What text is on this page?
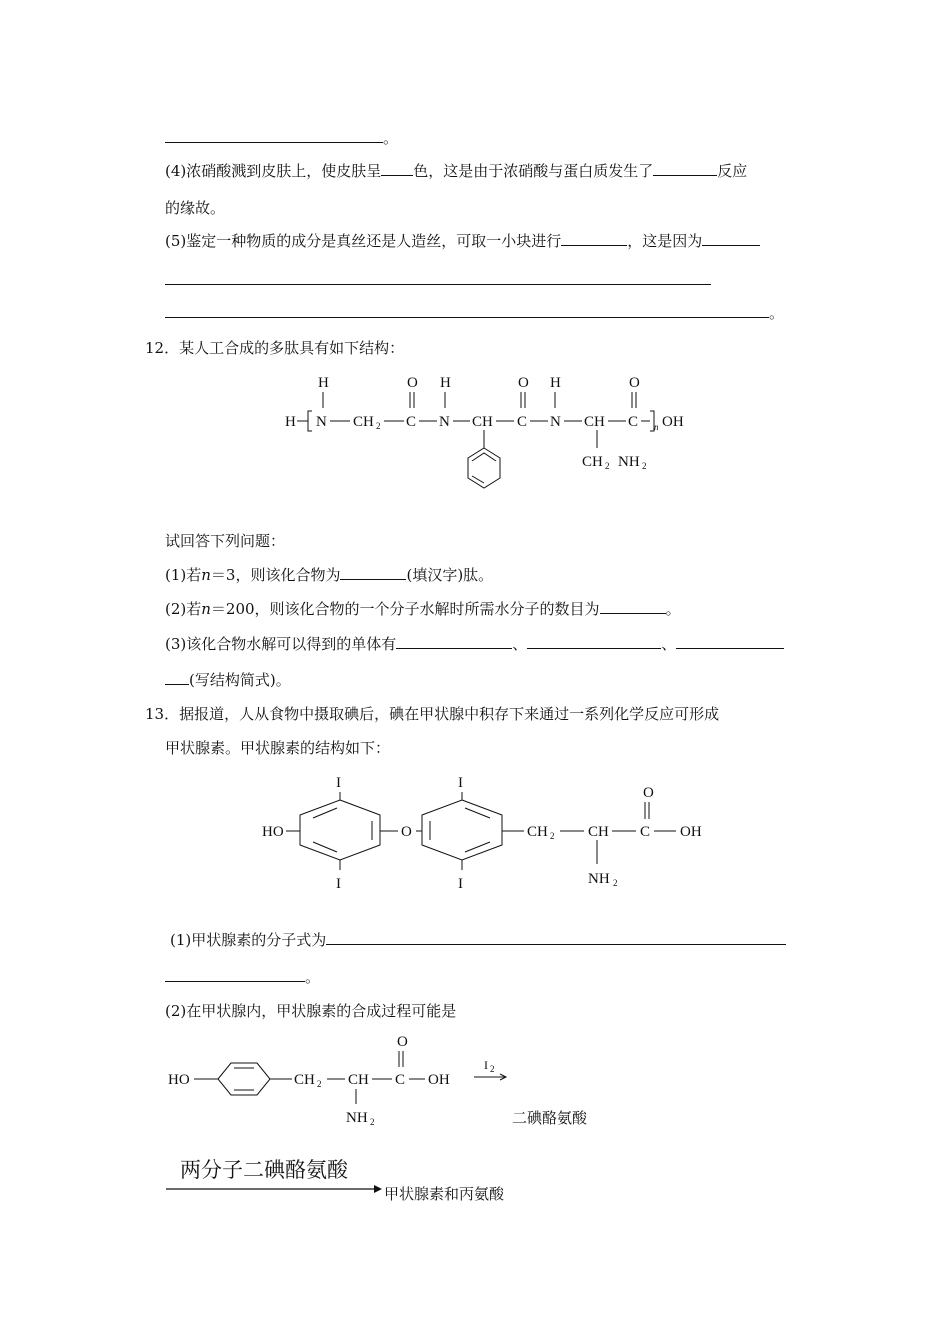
。
(4)浓硝酸溅到皮肤上，使皮肤呈 色，这是由于浓硝酸与蛋白质发生了	反应
的缘故。
(5)鉴定一种物质的成分是真丝还是人造丝，可取一小块进行	，这是因为
。
12．某人工合成的多肽具有如下结构：
H	O H	O H	O
H N CH 2 C N CH C N CH C n OH
CH 2 NH 2
试回答下列问题：
(1)若n＝3，则该化合物为	(填汉字)肽。
(2)若n＝200，则该化合物的一个分子水解时所需水分子的数目为	。
(3)该化合物水解可以得到的单体有	、	、
(写结构简式)。
13．据报道，人从食物中摄取碘后，碘在甲状腺中积存下来通过一系列化学反应可形成
甲状腺素。甲状腺素的结构如下：
I
I
I
I
HO	O	CH 2 CH C OH
O
NH 2
(1)甲状腺素的分子式为
。
(2)在甲状腺内，甲状腺素的合成过程可能是
HO	CH 2 CH C OH
O
NH 2
I 2
二碘酪氨酸
两分子二碘酪氨酸
甲状腺素和丙氨酸
